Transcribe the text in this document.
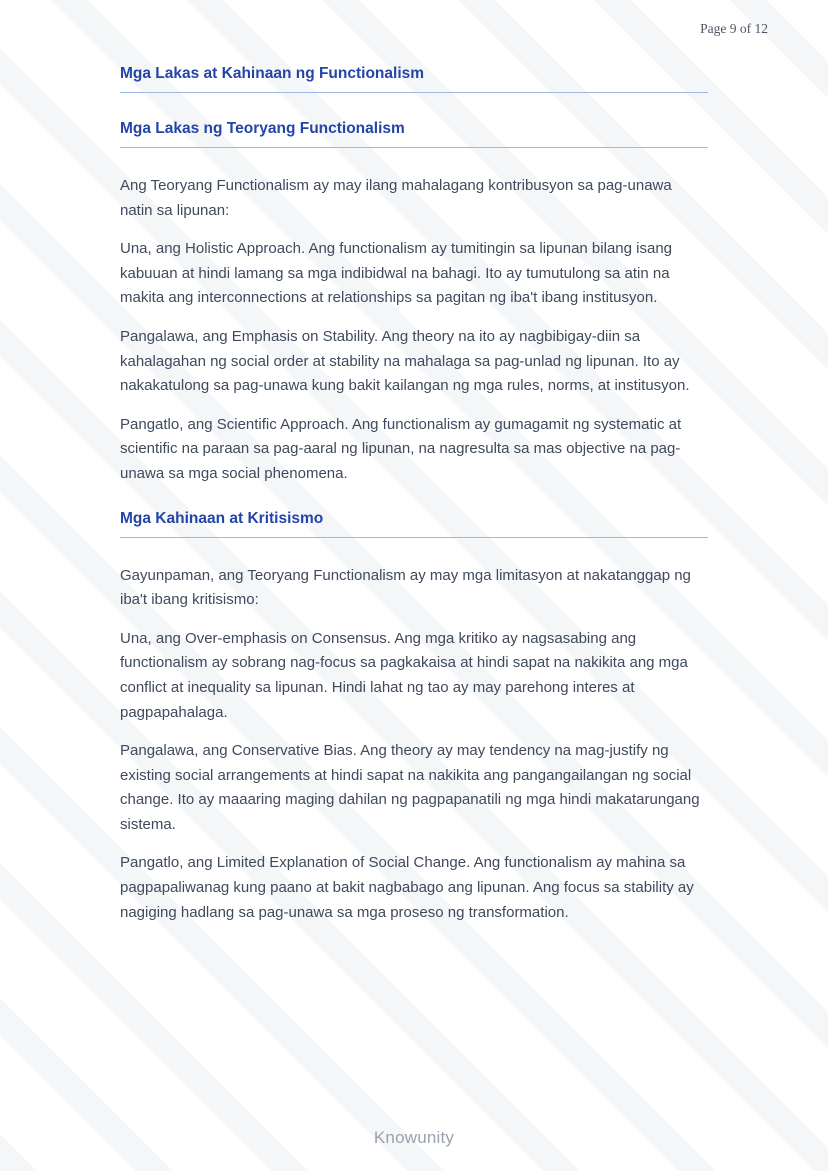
Page 9 of 12
Mga Lakas at Kahinaan ng Functionalism
Mga Lakas ng Teoryang Functionalism

Ang Teoryang Functionalism ay may ilang mahalagang kontribusyon sa pag-unawa natin sa lipunan:

Una, ang Holistic Approach. Ang functionalism ay tumitingin sa lipunan bilang isang kabuuan at hindi lamang sa mga indibidwal na bahagi. Ito ay tumutulong sa atin na makita ang interconnections at relationships sa pagitan ng iba't ibang institusyon.

Pangalawa, ang Emphasis on Stability. Ang theory na ito ay nagbibigay-diin sa kahalagahan ng social order at stability na mahalaga sa pag-unlad ng lipunan. Ito ay nakakatulong sa pag-unawa kung bakit kailangan ng mga rules, norms, at institusyon.

Pangatlo, ang Scientific Approach. Ang functionalism ay gumagamit ng systematic at scientific na paraan sa pag-aaral ng lipunan, na nagresulta sa mas objective na pag-unawa sa mga social phenomena.

Mga Kahinaan at Kritisismo

Gayunpaman, ang Teoryang Functionalism ay may mga limitasyon at nakatanggap ng iba't ibang kritisismo:

Una, ang Over-emphasis on Consensus. Ang mga kritiko ay nagsasabing ang functionalism ay sobrang nag-focus sa pagkakaisa at hindi sapat na nakikita ang mga conflict at inequality sa lipunan. Hindi lahat ng tao ay may parehong interes at pagpapahalaga.

Pangalawa, ang Conservative Bias. Ang theory ay may tendency na mag-justify ng existing social arrangements at hindi sapat na nakikita ang pangangailangan ng social change. Ito ay maaaring maging dahilan ng pagpapanatili ng mga hindi makatarungang sistema.

Pangatlo, ang Limited Explanation of Social Change. Ang functionalism ay mahina sa pagpapaliwanag kung paano at bakit nagbabago ang lipunan. Ang focus sa stability ay nagiging hadlang sa pag-unawa sa mga proseso ng transformation.

Knowunity
